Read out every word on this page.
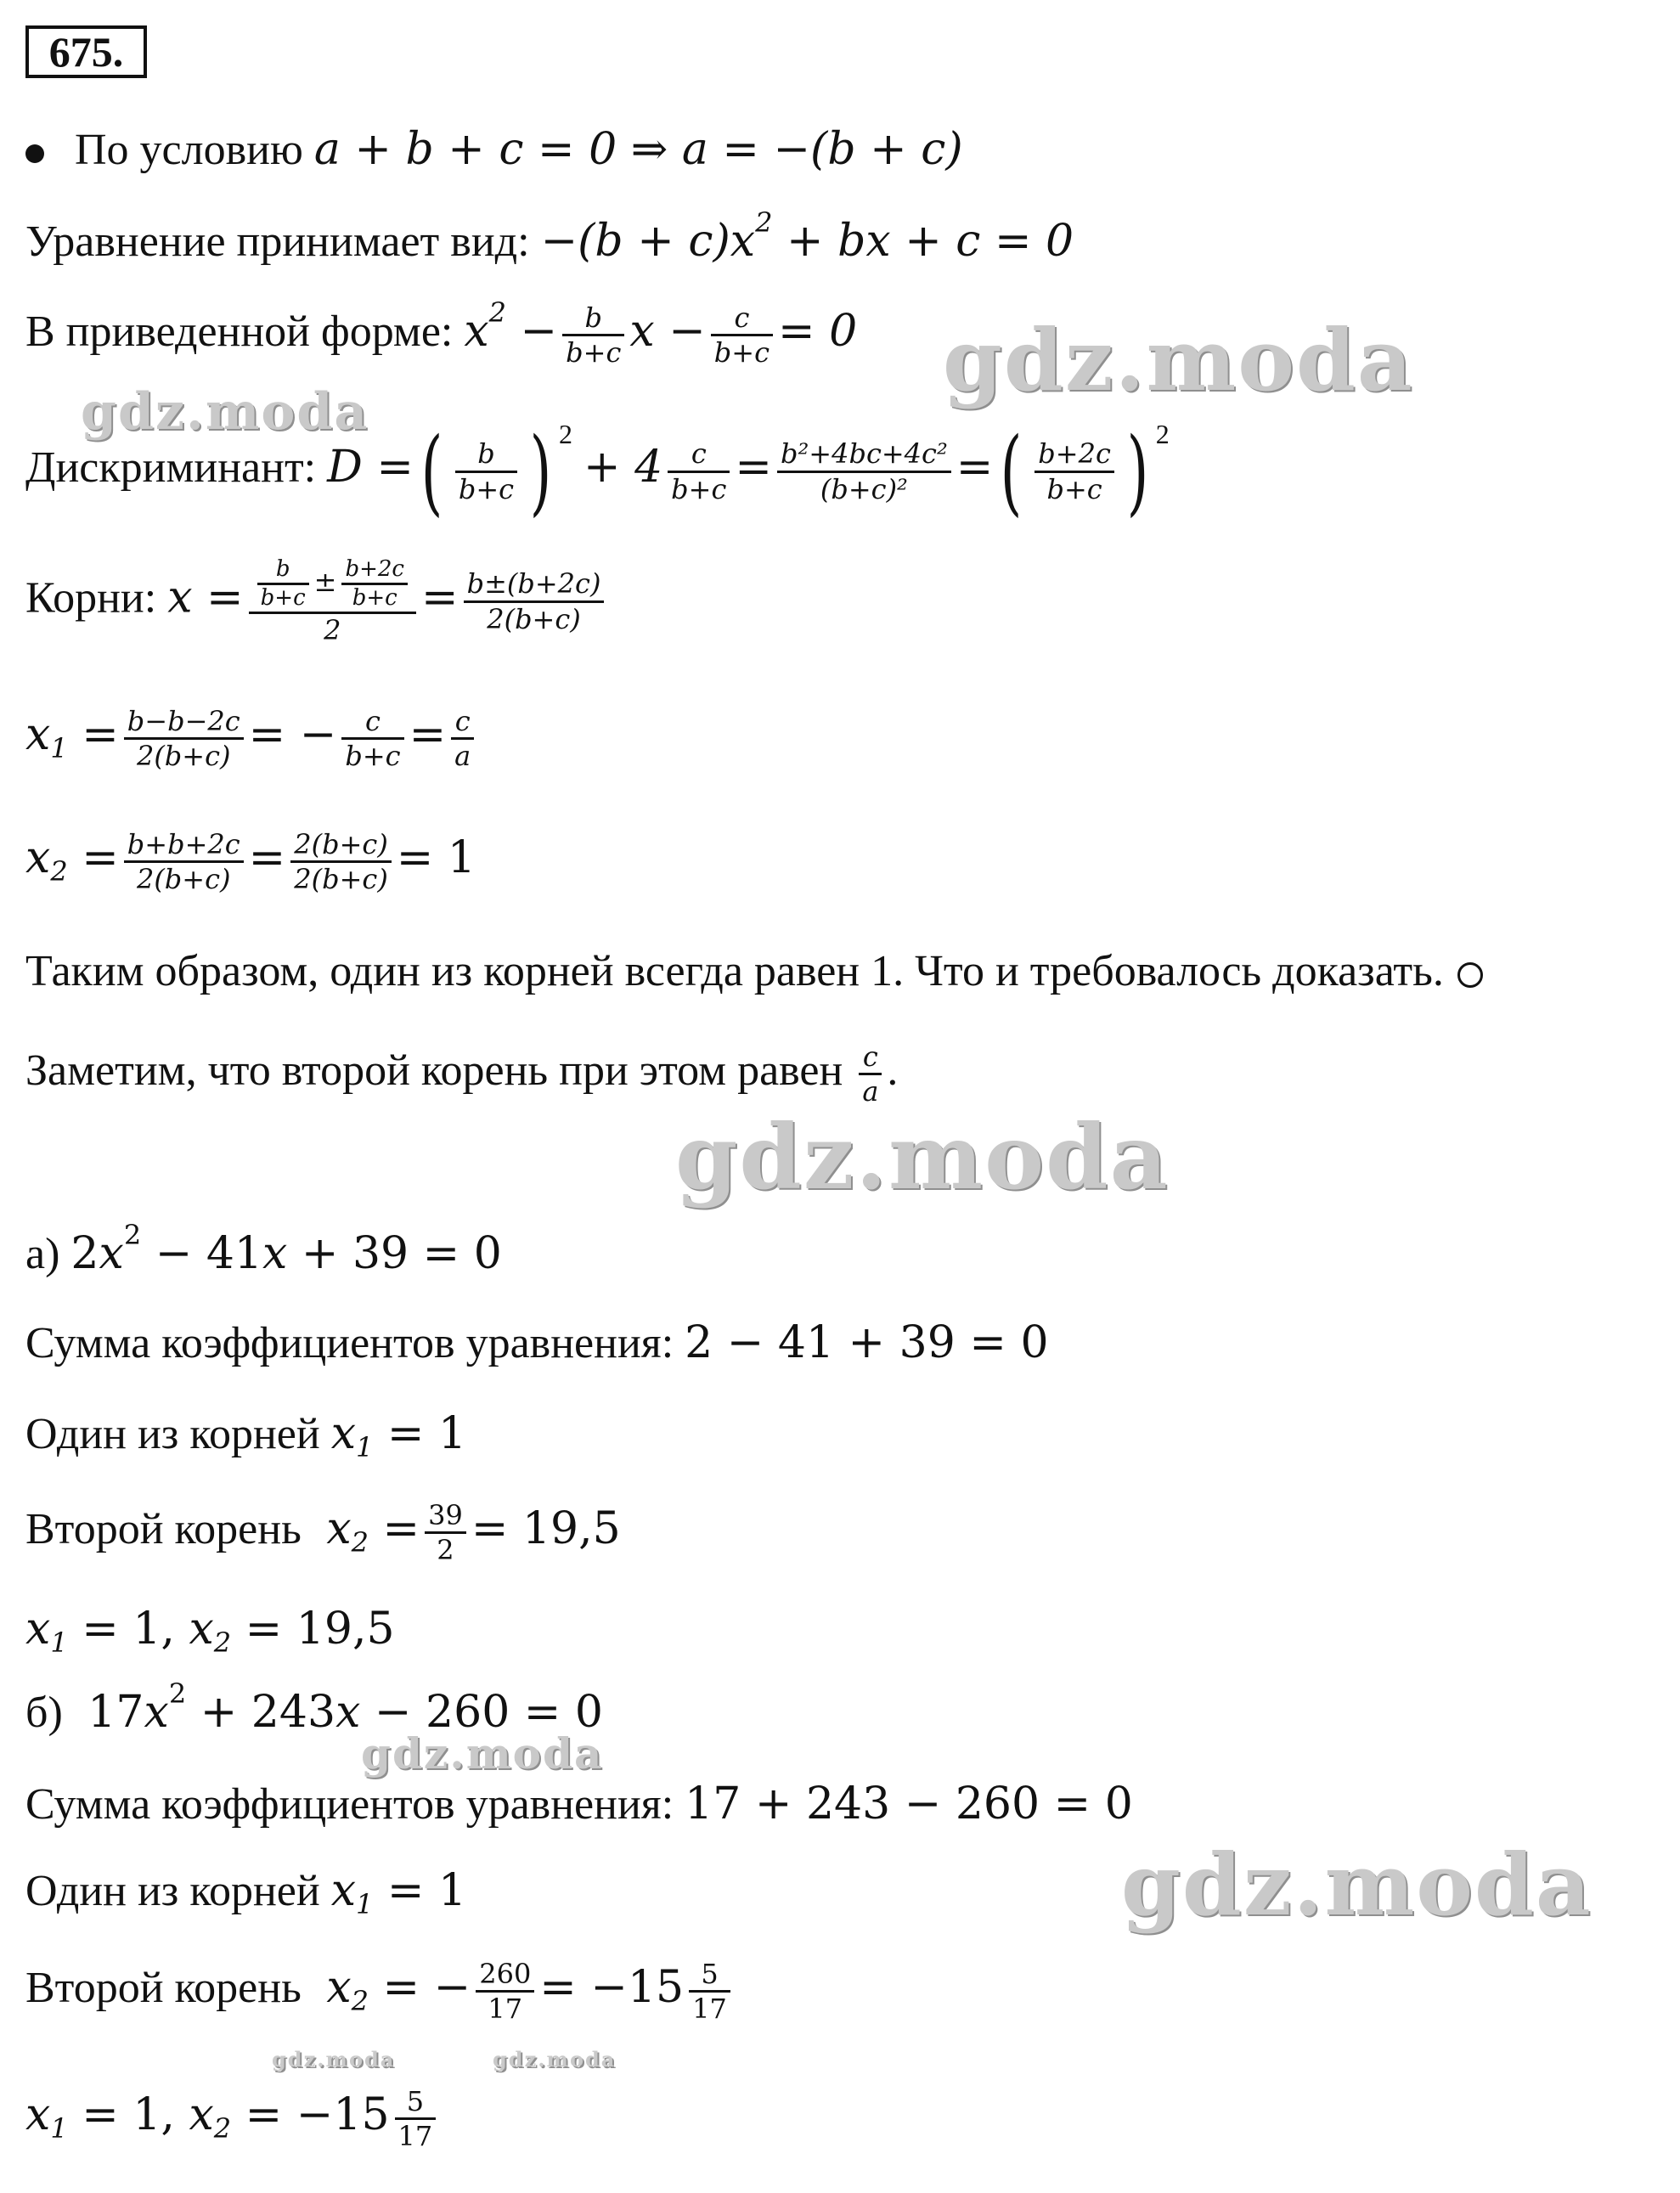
675.
По условию a + b + c = 0 ⇒ a = −(b + c)
Уравнение принимает вид: $-(b + c)x^2$ + bx + c = 0
В приведенной форме: $x^2 - \frac{b}{b+c}$ $x - \frac{c}{b+c} = 0$
Дискриминант: D =( $\frac{b}{b+c}$ ) $^2 + 4 \frac{c}{b+c} = \frac{\text{b²+4bc+4c²}}{\text{(b+c)²}}$ =( $\frac{b+2c}{b+c}$ ) $^2$
Корни: $x = \frac{\frac{b}{b+c} \pm \frac{b+2c}{b+c}}{2} = \frac{b\pm(b+2c)}{2(b+c)}$
$x_1 = \frac{b-b-2c}{2(b+c)}$ = − $\frac{c}{b+c} = \frac{c}{a}$
$x_2 = \frac{b+b+2c}{2(b+c)} = \frac{2(b+c)}{2(b+c)} = 1$
Таким образом, один из корней всегда равен 1. Что и требовалось доказать.
Заметим, что второй корень при этом равен $\frac{c}{a}$ .
а) $2x^2 - 41x + 39 = 0$
Сумма коэффициентов уравнения: 2 − 41 + 39 = 0
Один из корней $x_1 = 1$
Второй корень  $x_2 = \frac{39}{2} = 19,5$
$x_1 = 1$, $x_2 = 19,5$
б)  $17x^2 + 243x - 260 = 0$
Сумма коэффициентов уравнения: 17 + 243 − 260 = 0
Один из корней $x_1 = 1$
Второй корень  $x_2$ = − $\frac{260}{17} = -15 \frac{5}{17}$
$x_1 = 1$, $x_2 = -15 \frac{5}{17}$
gdz.moda
gdz.moda
gdz.moda
gdz.moda
gdz.moda
gdz.moda	gdz.moda
